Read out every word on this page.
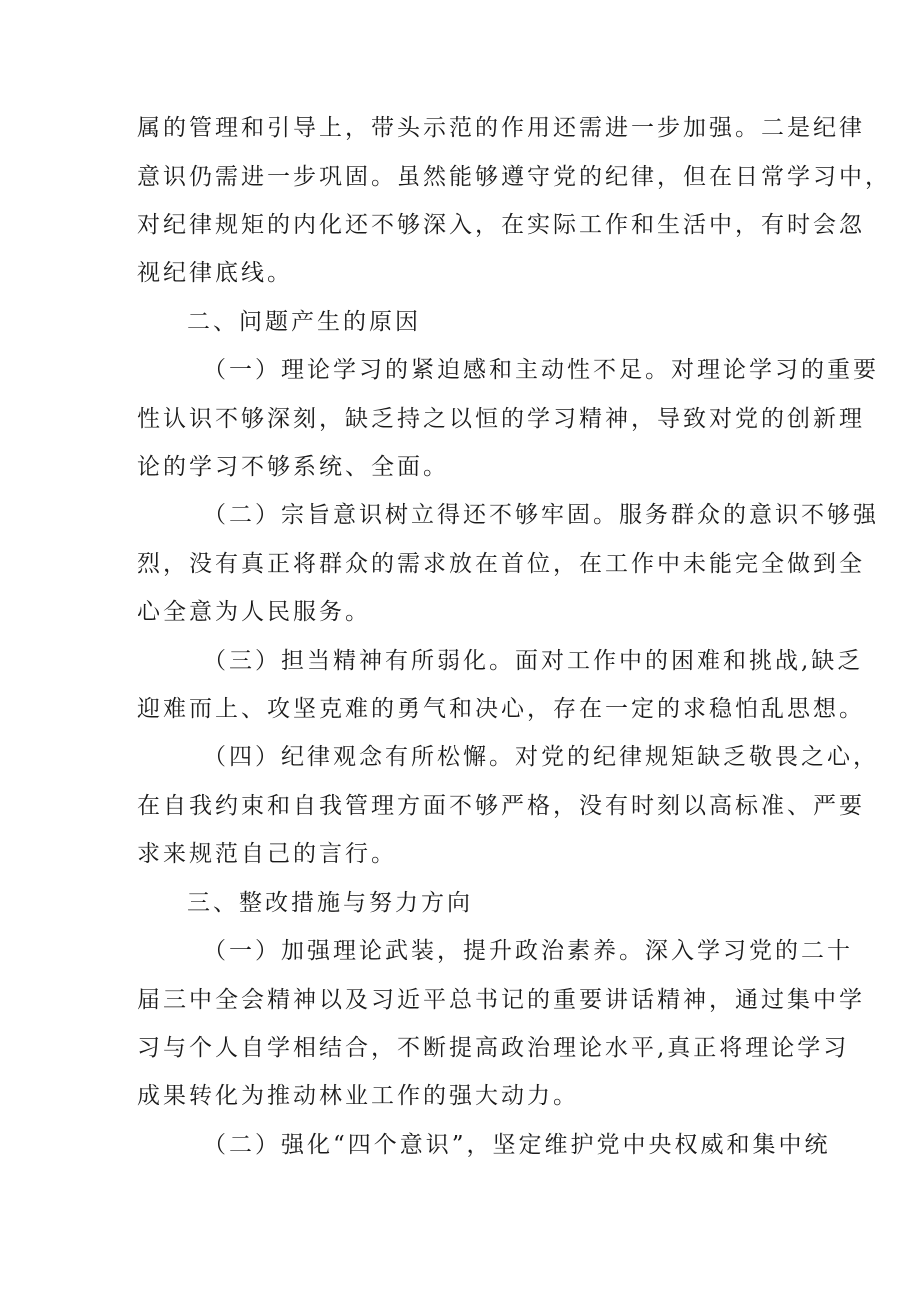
属的管理和引导上，带头示范的作用还需进一步加强。二是纪律
意识仍需进一步巩固。虽然能够遵守党的纪律，但在日常学习中，
对纪律规矩的内化还不够深入，在实际工作和生活中，有时会忽
视纪律底线。
二、问题产生的原因
（一）理论学习的紧迫感和主动性不足。对理论学习的重要
性认识不够深刻，缺乏持之以恒的学习精神，导致对党的创新理
论的学习不够系统、全面。
（二）宗旨意识树立得还不够牢固。服务群众的意识不够强
烈，没有真正将群众的需求放在首位，在工作中未能完全做到全
心全意为人民服务。
（三）担当精神有所弱化。面对工作中的困难和挑战,缺乏
迎难而上、攻坚克难的勇气和决心，存在一定的求稳怕乱思想。
（四）纪律观念有所松懈。对党的纪律规矩缺乏敬畏之心，
在自我约束和自我管理方面不够严格，没有时刻以高标准、严要
求来规范自己的言行。
三、整改措施与努力方向
（一）加强理论武装，提升政治素养。深入学习党的二十
届三中全会精神以及习近平总书记的重要讲话精神，通过集中学
习与个人自学相结合，不断提高政治理论水平,真正将理论学习
成果转化为推动林业工作的强大动力。
（二）强化“四个意识”，坚定维护党中央权威和集中统
